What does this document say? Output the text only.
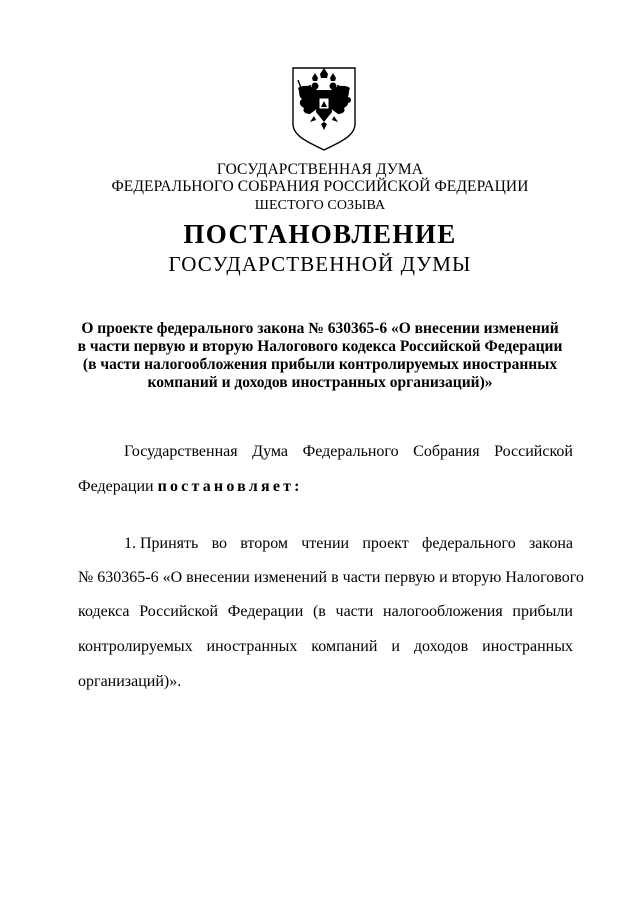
ГОСУДАРСТВЕННАЯ ДУМА
ФЕДЕРАЛЬНОГО СОБРАНИЯ РОССИЙСКОЙ ФЕДЕРАЦИИ
ШЕСТОГО СОЗЫВА
ПОСТАНОВЛЕНИЕ
ГОСУДАРСТВЕННОЙ ДУМЫ
О проекте федерального закона № 630365-6 «О внесении изменений
в части первую и вторую Налогового кодекса Российской Федерации
(в части налогообложения прибыли контролируемых иностранных
компаний и доходов иностранных организаций)»
Государственная Дума Федерального Собрания Российской
Федерации постановляет:
1. Принять во втором чтении проект федерального закона
№ 630365-6 «О внесении изменений в части первую и вторую Налогового
кодекса Российской Федерации (в части налогообложения прибыли
контролируемых иностранных компаний и доходов иностранных
организаций)».
